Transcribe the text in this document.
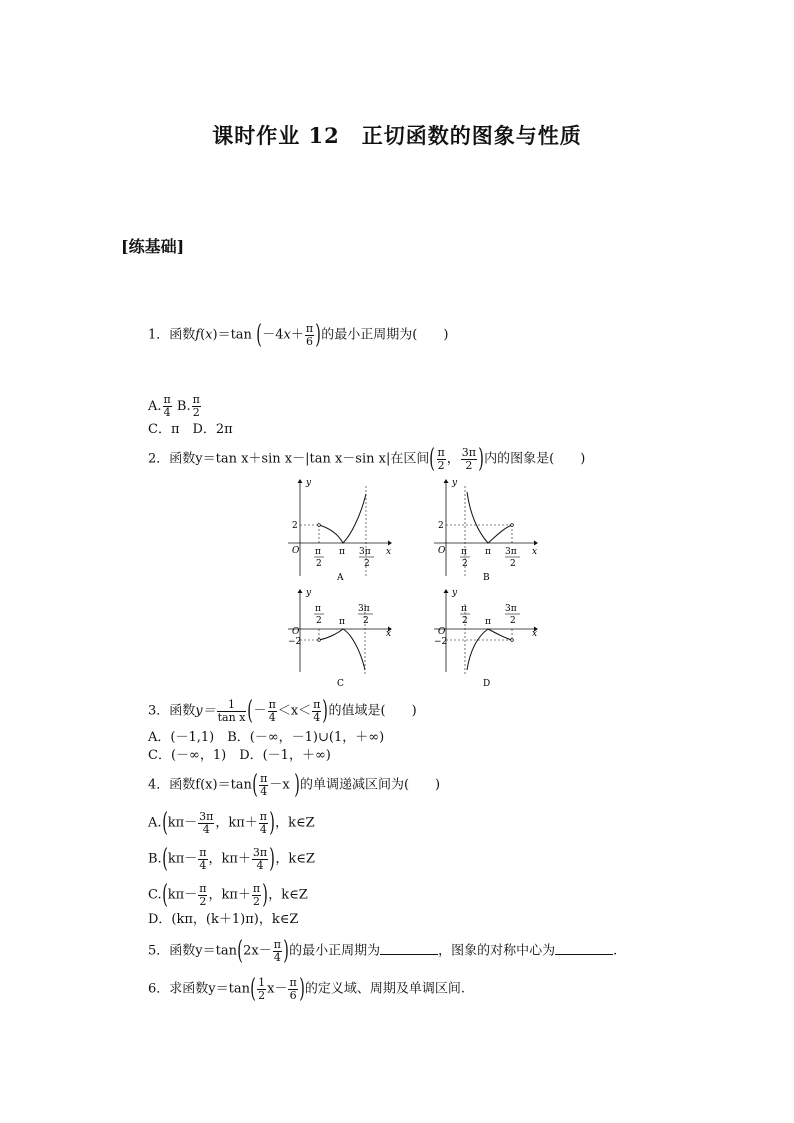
课时作业 12　正切函数的图象与性质
[练基础]
1．函数f(x)＝tan ($-4x+ \frac{\pi}{6}$ )的最小正周期为(　　)
A. $\frac{\pi}{4} B$. $\frac{\pi}{2}$
C．π　D．2π
2．函数y＝tan x＋sin x－|tan x－sin x|在区间( $\frac{\pi}{2}$ ， $\frac{3\pi}{2}$ )内的图象是(　　)
y
x
O
2
π
2
π 3π
2
A
y
x
O
2
π
2
π 3π
2
B
y
x
O
−2
π
2 π
3π
2
C
y
x
O
−2
π
2 π
3π
2
D
3．函数$y= \frac{1}{\text{tan x}}$ (－ $\frac{\pi}{4} <x< \frac{\pi}{4}$ )的值域是(　　)
A．(－1,1)　B．(－∞，－1)∪(1，＋∞)
C．(－∞，1)　D．(－1，＋∞)
4．函数$f(x)=\tan( \frac{\pi}{4} -x$ )的单调递减区间为(　　)
$A.(k\pi- \frac{3\pi}{4}$ ，$k\pi+ \frac{\pi}{4}$ )，k∈Z
$B.(k\pi- \frac{\pi}{4}$ ，$k\pi+ \frac{3\pi}{4}$ )，k∈Z
$C.(k\pi- \frac{\pi}{2}$ ，$k\pi+ \frac{\pi}{2}$ )，k∈Z
D．(kπ，(k＋1)π)，k∈Z
5．函数$y=\tan(2x- \frac{\pi}{4}$ )的最小正周期为	，图象的对称中心为	.
6．求函数$y=\tan( \frac{1}{2} x- \frac{\pi}{6}$ )的定义域、周期及单调区间.
